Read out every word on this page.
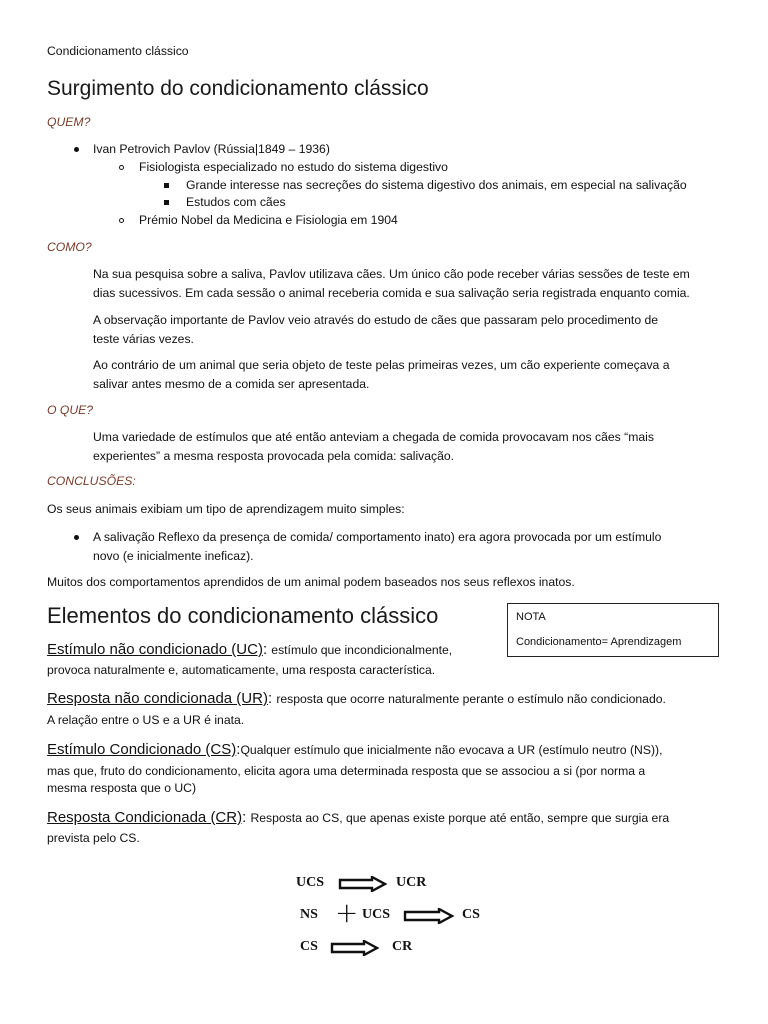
Condicionamento clássico
Surgimento do condicionamento clássico
QUEM?
Ivan Petrovich Pavlov (Rússia|1849 – 1936)
Fisiologista especializado no estudo do sistema digestivo
Grande interesse nas secreções do sistema digestivo dos animais, em especial na salivação
Estudos com cães
Prémio Nobel da Medicina e Fisiologia em 1904
COMO?
Na sua pesquisa sobre a saliva, Pavlov utilizava cães. Um único cão pode receber várias sessões de teste em
dias sucessivos. Em cada sessão o animal receberia comida e sua salivação seria registrada enquanto comia.
A observação importante de Pavlov veio através do estudo de cães que passaram pelo procedimento de
teste várias vezes.
Ao contrário de um animal que seria objeto de teste pelas primeiras vezes, um cão experiente começava a
salivar antes mesmo de a comida ser apresentada.
O QUE?
Uma variedade de estímulos que até então anteviam a chegada de comida provocavam nos cães “mais
experientes” a mesma resposta provocada pela comida: salivação.
CONCLUSÕES:
Os seus animais exibiam um tipo de aprendizagem muito simples:
A salivação Reflexo da presença de comida/ comportamento inato) era agora provocada por um estímulo
novo (e inicialmente ineficaz).
Muitos dos comportamentos aprendidos de um animal podem baseados nos seus reflexos inatos.
Elementos do condicionamento clássico	NOTA
Condicionamento= Aprendizagem
Estímulo não condicionado (UC): estímulo que incondicionalmente,
provoca naturalmente e, automaticamente, uma resposta característica.
Resposta não condicionada (UR): resposta que ocorre naturalmente perante o estímulo não condicionado.
A relação entre o US e a UR é inata.
Estímulo Condicionado (CS):Qualquer estímulo que inicialmente não evocava a UR (estímulo neutro (NS)),
mas que, fruto do condicionamento, elicita agora uma determinada resposta que se associou a si (por norma a
mesma resposta que o UC)
Resposta Condicionada (CR): Resposta ao CS, que apenas existe porque até então, sempre que surgia era
prevista pelo CS.
UCS	UCR
NS + UCS	CS
CS	CR
